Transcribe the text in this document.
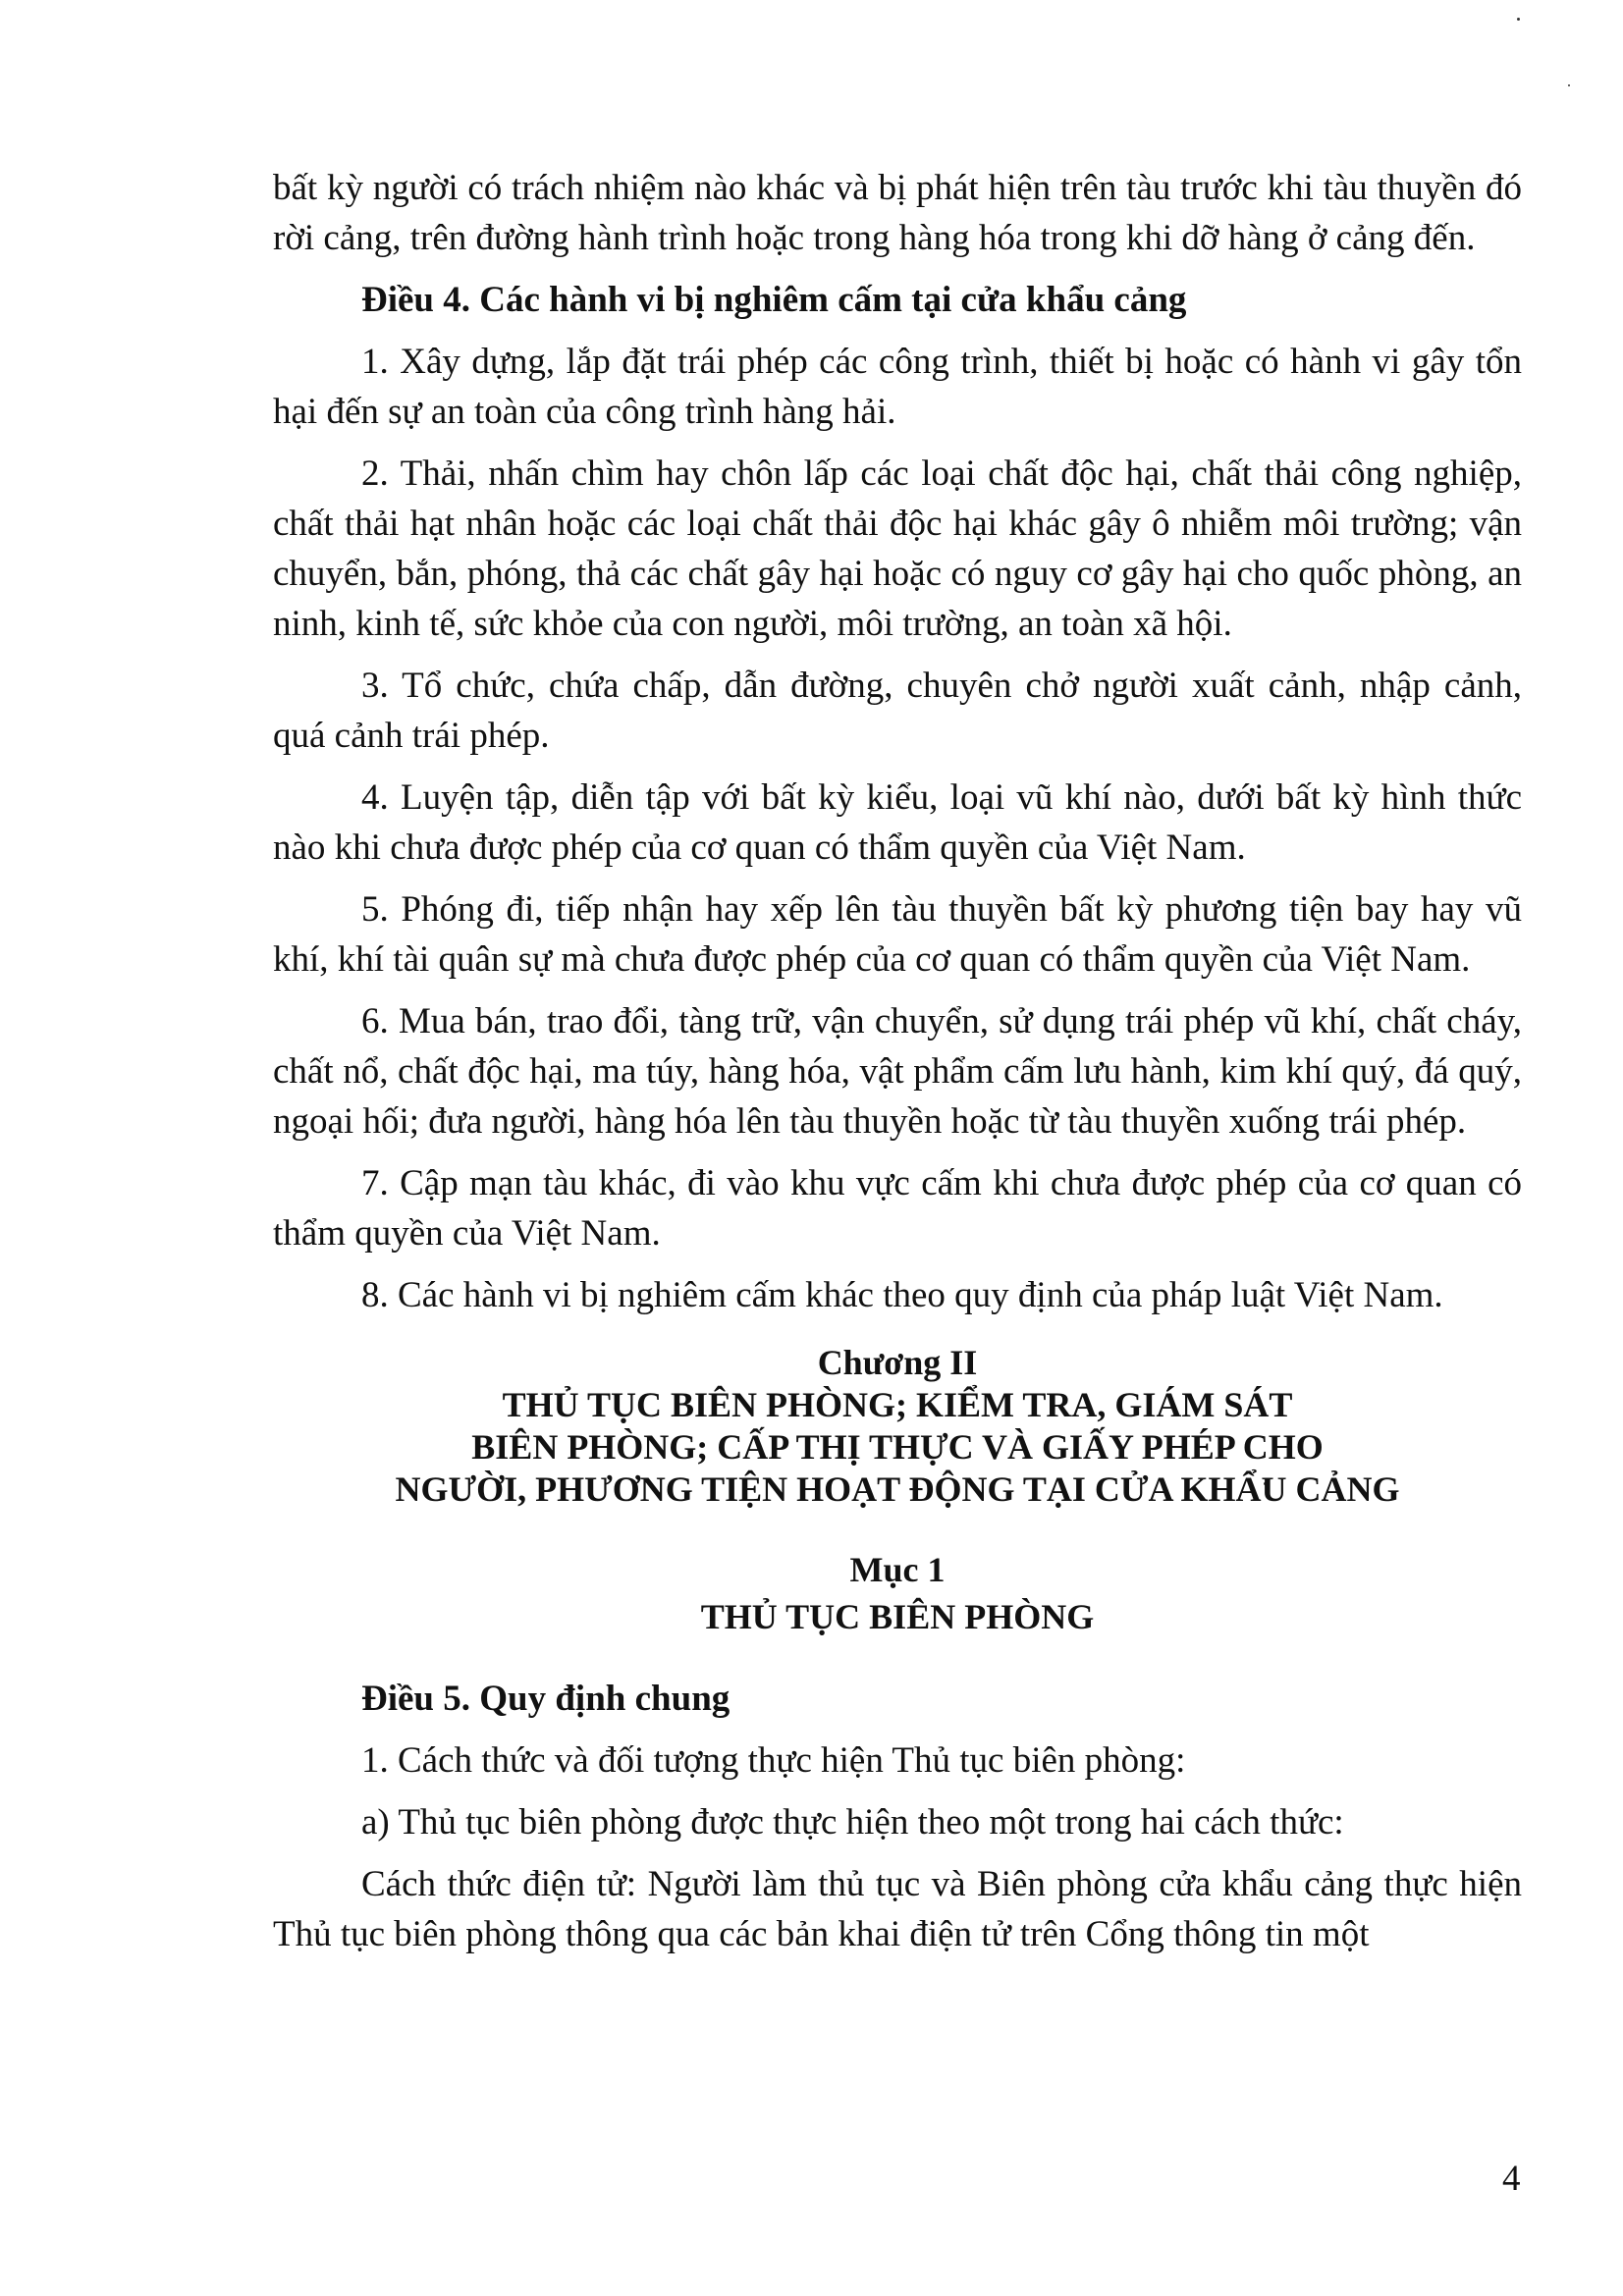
bất kỳ người có trách nhiệm nào khác và bị phát hiện trên tàu trước khi tàu thuyền đó rời cảng, trên đường hành trình hoặc trong hàng hóa trong khi dỡ hàng ở cảng đến.

Điều 4. Các hành vi bị nghiêm cấm tại cửa khẩu cảng

1. Xây dựng, lắp đặt trái phép các công trình, thiết bị hoặc có hành vi gây tổn hại đến sự an toàn của công trình hàng hải.

2. Thải, nhấn chìm hay chôn lấp các loại chất độc hại, chất thải công nghiệp, chất thải hạt nhân hoặc các loại chất thải độc hại khác gây ô nhiễm môi trường; vận chuyển, bắn, phóng, thả các chất gây hại hoặc có nguy cơ gây hại cho quốc phòng, an ninh, kinh tế, sức khỏe của con người, môi trường, an toàn xã hội.

3. Tổ chức, chứa chấp, dẫn đường, chuyên chở người xuất cảnh, nhập cảnh, quá cảnh trái phép.

4. Luyện tập, diễn tập với bất kỳ kiểu, loại vũ khí nào, dưới bất kỳ hình thức nào khi chưa được phép của cơ quan có thẩm quyền của Việt Nam.

5. Phóng đi, tiếp nhận hay xếp lên tàu thuyền bất kỳ phương tiện bay hay vũ khí, khí tài quân sự mà chưa được phép của cơ quan có thẩm quyền của Việt Nam.

6. Mua bán, trao đổi, tàng trữ, vận chuyển, sử dụng trái phép vũ khí, chất cháy, chất nổ, chất độc hại, ma túy, hàng hóa, vật phẩm cấm lưu hành, kim khí quý, đá quý, ngoại hối; đưa người, hàng hóa lên tàu thuyền hoặc từ tàu thuyền xuống trái phép.

7. Cập mạn tàu khác, đi vào khu vực cấm khi chưa được phép của cơ quan có thẩm quyền của Việt Nam.

8. Các hành vi bị nghiêm cấm khác theo quy định của pháp luật Việt Nam.

Chương II
THỦ TỤC BIÊN PHÒNG; KIỂM TRA, GIÁM SÁT
BIÊN PHÒNG; CẤP THỊ THỰC VÀ GIẤY PHÉP CHO
NGƯỜI, PHƯƠNG TIỆN HOẠT ĐỘNG TẠI CỬA KHẨU CẢNG
Mục 1
THỦ TỤC BIÊN PHÒNG
Điều 5. Quy định chung

1. Cách thức và đối tượng thực hiện Thủ tục biên phòng:

a) Thủ tục biên phòng được thực hiện theo một trong hai cách thức:

Cách thức điện tử: Người làm thủ tục và Biên phòng cửa khẩu cảng thực hiện Thủ tục biên phòng thông qua các bản khai điện tử trên Cổng thông tin một

4
